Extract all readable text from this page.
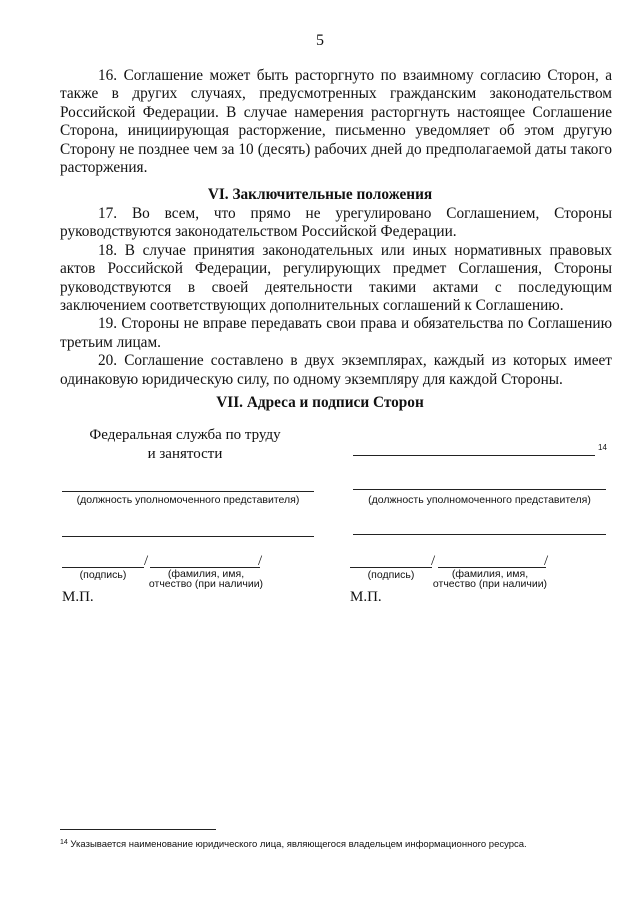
5

16. Соглашение может быть расторгнуто по взаимному согласию Сторон, а также в других случаях, предусмотренных гражданским законодательством Российской Федерации. В случае намерения расторгнуть настоящее Соглашение Сторона, инициирующая расторжение, письменно уведомляет об этом другую Сторону не позднее чем за 10 (десять) рабочих дней до предполагаемой даты такого расторжения.

VI. Заключительные положения

17. Во всем, что прямо не урегулировано Соглашением, Стороны руководствуются законодательством Российской Федерации.

18. В случае принятия законодательных или иных нормативных правовых актов Российской Федерации, регулирующих предмет Соглашения, Стороны руководствуются в своей деятельности такими актами с последующим заключением соответствующих дополнительных соглашений к Соглашению.

19. Стороны не вправе передавать свои права и обязательства по Соглашению третьим лицам.

20. Соглашение составлено в двух экземплярах, каждый из которых имеет одинаковую юридическую силу, по одному экземпляру для каждой Стороны.

VII. Адреса и подписи Сторон
Федеральная служба по труду
и занятости
(должность уполномоченного представителя)
/	/
(подпись)	(фамилия, имя,
отчество (при наличии)
М.П.
14
(должность уполномоченного представителя)
/	/
(подпись)	(фамилия, имя,
отчество (при наличии)
М.П.
$^{14}$ Указывается наименование юридического лица, являющегося владельцем информационного ресурса.
